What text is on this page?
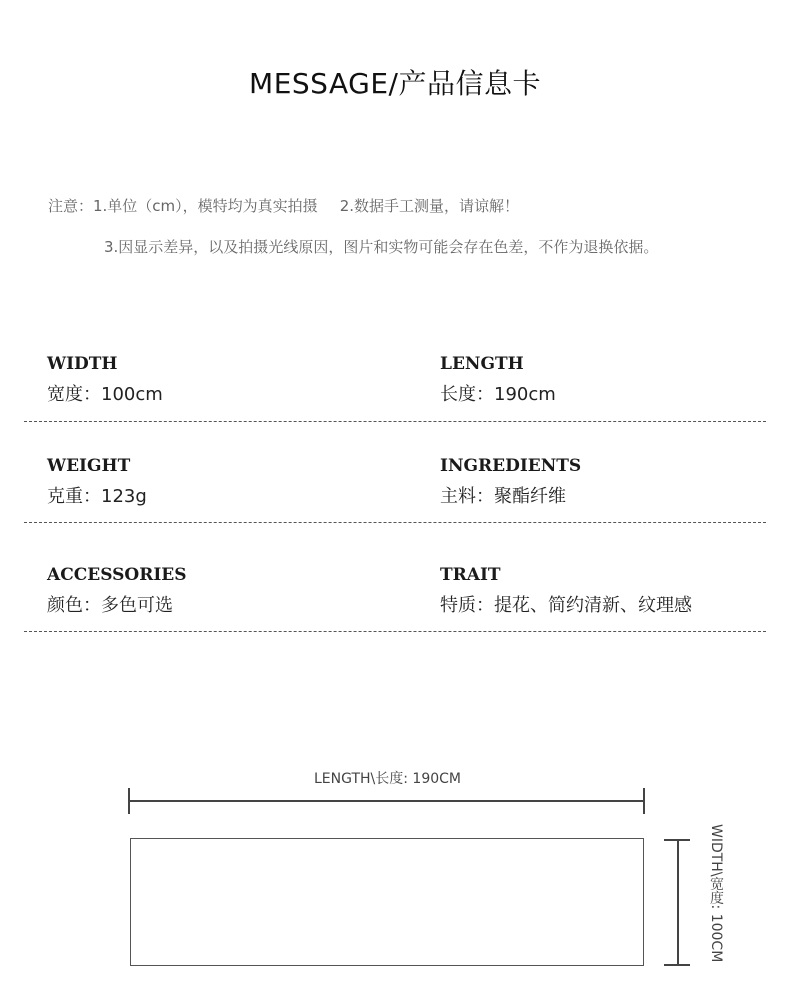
MESSAGE/产品信息卡
注意：1.单位（cm），模特均为真实拍摄 2.数据手工测量，请谅解！
3.因显示差异，以及拍摄光线原因，图片和实物可能会存在色差，不作为退换依据。
WIDTH
宽度：100cm
LENGTH
长度：190cm
WEIGHT
克重：123g
INGREDIENTS
主料：聚酯纤维
ACCESSORIES
颜色：多色可选
TRAIT
特质：提花、简约清新、纹理感
LENGTH\长度: 190CM
WIDTH\宽度: 100CM
